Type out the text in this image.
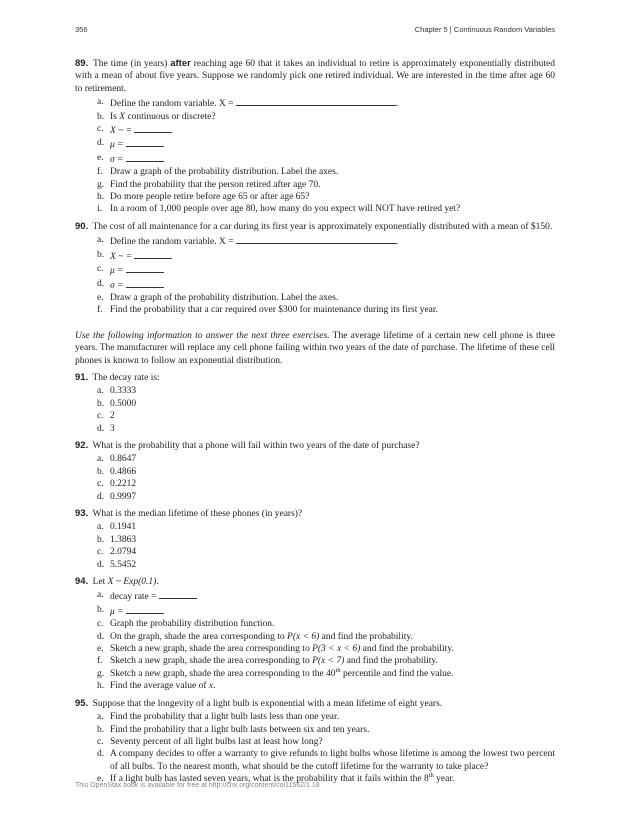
356	Chapter 5 | Continuous Random Variables

89. The time (in years) after reaching age 60 that it takes an individual to retire is approximately exponentially distributed with a mean of about five years. Suppose we randomly pick one retired individual. We are interested in the time after age 60 to retirement.

a. Define the random variable. X =	.
b. Is X continuous or discrete?
c. X ~ =
d. μ =
e. σ =
f. Draw a graph of the probability distribution. Label the axes.
g. Find the probability that the person retired after age 70.
h. Do more people retire before age 65 or after age 65?
i. In a room of 1,000 people over age 80, how many do you expect will NOT have retired yet?

90. The cost of all maintenance for a car during its first year is approximately exponentially distributed with a mean of $150.

a. Define the random variable. X =	.
b. X ~ =
c. μ =
d. σ =
e. Draw a graph of the probability distribution. Label the axes.
f. Find the probability that a car required over $300 for maintenance during its first year.

Use the following information to answer the next three exercises. The average lifetime of a certain new cell phone is three years. The manufacturer will replace any cell phone failing within two years of the date of purchase. The lifetime of these cell phones is known to follow an exponential distribution.

91. The decay rate is:

a. 0.3333
b. 0.5000
c. 2
d. 3

92. What is the probability that a phone will fail within two years of the date of purchase?

a. 0.8647
b. 0.4866
c. 0.2212
d. 0.9997

93. What is the median lifetime of these phones (in years)?

a. 0.1941
b. 1.3863
c. 2.0794
d. 5.5452

94. Let X ~ Exp(0.1).

a. decay rate =
b. μ =
c. Graph the probability distribution function.
d. On the graph, shade the area corresponding to P(x < 6) and find the probability.
e. Sketch a new graph, shade the area corresponding to P(3 < x < 6) and find the probability.
f. Sketch a new graph, shade the area corresponding to P(x < 7) and find the probability.
g. Sketch a new graph, shade the area corresponding to the 40th percentile and find the value.
h. Find the average value of x.

95. Suppose that the longevity of a light bulb is exponential with a mean lifetime of eight years.

a. Find the probability that a light bulb lasts less than one year.
b. Find the probability that a light bulb lasts between six and ten years.
c. Seventy percent of all light bulbs last at least how long?
d. A company decides to offer a warranty to give refunds to light bulbs whose lifetime is among the lowest two percent of all bulbs. To the nearest month, what should be the cutoff lifetime for the warranty to take place?
e. If a light bulb has lasted seven years, what is the probability that it fails within the 8th year.
This OpenStax book is available for free at http://cnx.org/content/col11562/1.18
